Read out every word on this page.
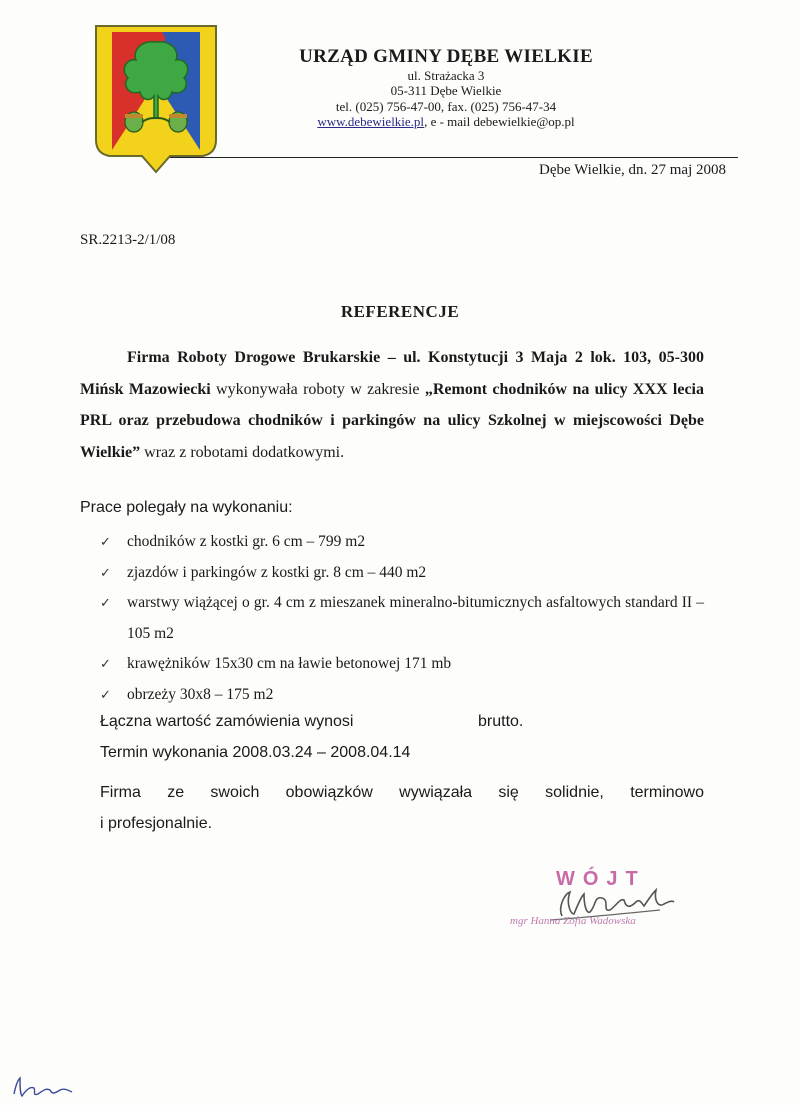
URZĄD GMINY DĘBE WIELKIE
ul. Strażacka 3
05-311 Dębe Wielkie
tel. (025) 756-47-00, fax. (025) 756-47-34
www.debewielkie.pl, e - mail debewielkie@op.pl
Dębe Wielkie, dn. 27 maj 2008
SR.2213-2/1/08
REFERENCJE
Firma Roboty Drogowe Brukarskie – ul. Konstytucji 3 Maja 2 lok. 103, 05-300 Mińsk Mazowiecki wykonywała roboty w zakresie „Remont chodników na ulicy XXX lecia PRL oraz przebudowa chodników i parkingów na ulicy Szkolnej w miejscowości Dębe Wielkie” wraz z robotami dodatkowymi.
Prace polegały na wykonaniu:
✓ chodników z kostki gr. 6 cm – 799 m2
✓ zjazdów i parkingów z kostki gr. 8 cm – 440 m2
✓ warstwy wiążącej o gr. 4 cm z mieszanek mineralno-bitumicznych asfaltowych standard II – 105 m2
✓ krawężników 15x30 cm na ławie betonowej 171 mb
✓ obrzeży 30x8 – 175 m2
Łączna wartość zamówienia wynosi	brutto.
Termin wykonania 2008.03.24 – 2008.04.14
Firma ze swoich obowiązków wywiązała się solidnie, terminowo
i profesjonalnie.
WÓJT
mgr Hanna Zofia Wadowska
